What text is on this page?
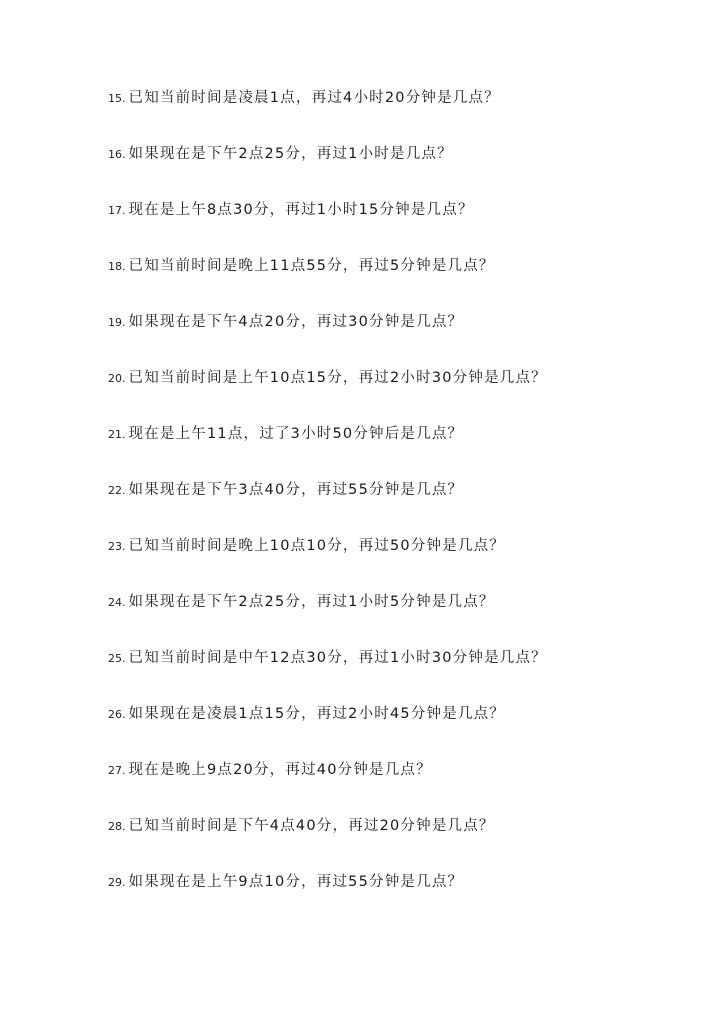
15. 已知当前时间是凌晨1点，再过4小时20分钟是几点？
16. 如果现在是下午2点25分，再过1小时是几点？
17. 现在是上午8点30分，再过1小时15分钟是几点？
18. 已知当前时间是晚上11点55分，再过5分钟是几点？
19. 如果现在是下午4点20分，再过30分钟是几点？
20. 已知当前时间是上午10点15分，再过2小时30分钟是几点？
21. 现在是上午11点，过了3小时50分钟后是几点？
22. 如果现在是下午3点40分，再过55分钟是几点？
23. 已知当前时间是晚上10点10分，再过50分钟是几点？
24. 如果现在是下午2点25分，再过1小时5分钟是几点？
25. 已知当前时间是中午12点30分，再过1小时30分钟是几点？
26. 如果现在是凌晨1点15分，再过2小时45分钟是几点？
27. 现在是晚上9点20分，再过40分钟是几点？
28. 已知当前时间是下午4点40分，再过20分钟是几点？
29. 如果现在是上午9点10分，再过55分钟是几点？
